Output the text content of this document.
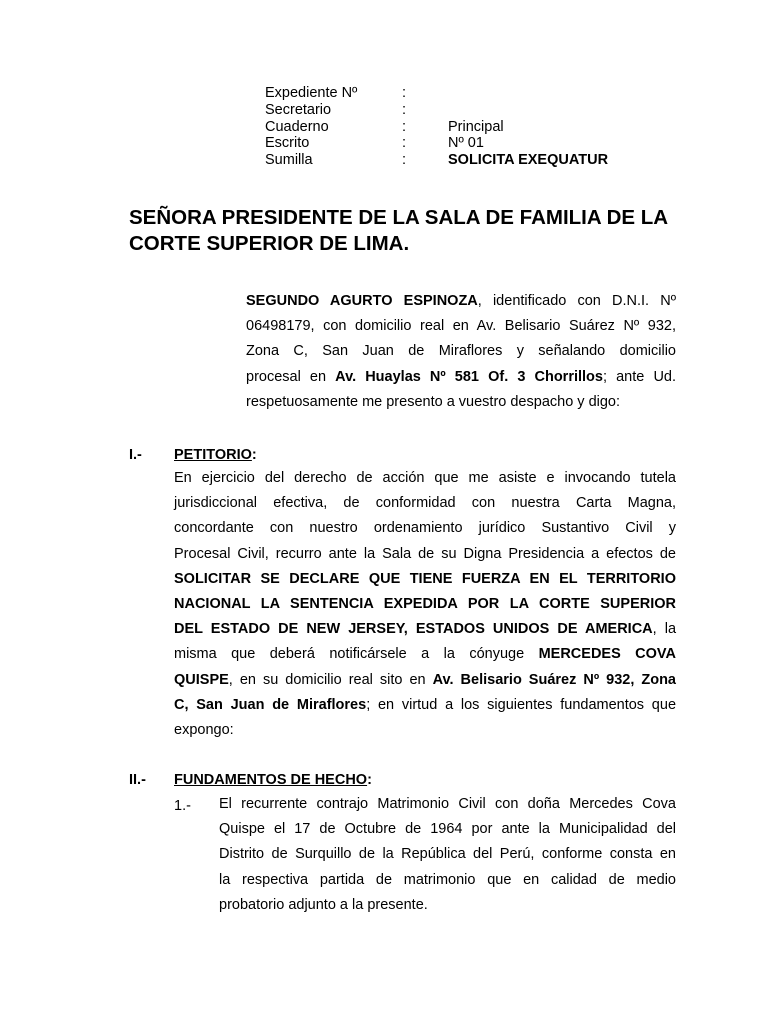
Expediente Nº	:
Secretario	:
Cuaderno	:	Principal
Escrito	:	Nº 01
Sumilla	:	SOLICITA EXEQUATUR
SEÑORA PRESIDENTE DE LA SALA DE FAMILIA DE LA
CORTE SUPERIOR DE LIMA.
SEGUNDO AGURTO ESPINOZA, identificado con D.N.I. Nº
06498179, con domicilio real en Av. Belisario Suárez Nº 932,
Zona C, San Juan de Miraflores y señalando domicilio
procesal en Av. Huaylas Nº 581 Of. 3 Chorrillos; ante Ud.
respetuosamente me presento a vuestro despacho y digo:
I.- PETITORIO:
En ejercicio del derecho de acción que me asiste e invocando tutela
jurisdiccional efectiva, de conformidad con nuestra Carta Magna,
concordante con nuestro ordenamiento jurídico Sustantivo Civil y
Procesal Civil, recurro ante la Sala de su Digna Presidencia a efectos de
SOLICITAR SE DECLARE QUE TIENE FUERZA EN EL TERRITORIO
NACIONAL LA SENTENCIA EXPEDIDA POR LA CORTE SUPERIOR
DEL ESTADO DE NEW JERSEY, ESTADOS UNIDOS DE AMERICA, la
misma que deberá notificársele a la cónyuge MERCEDES COVA
QUISPE, en su domicilio real sito en Av. Belisario Suárez Nº 932, Zona
C, San Juan de Miraflores; en virtud a los siguientes fundamentos que
expongo:
II.- FUNDAMENTOS DE HECHO:
1.- El recurrente contrajo Matrimonio Civil con doña Mercedes Cova
Quispe el 17 de Octubre de 1964 por ante la Municipalidad del
Distrito de Surquillo de la República del Perú, conforme consta en
la respectiva partida de matrimonio que en calidad de medio
probatorio adjunto a la presente.
